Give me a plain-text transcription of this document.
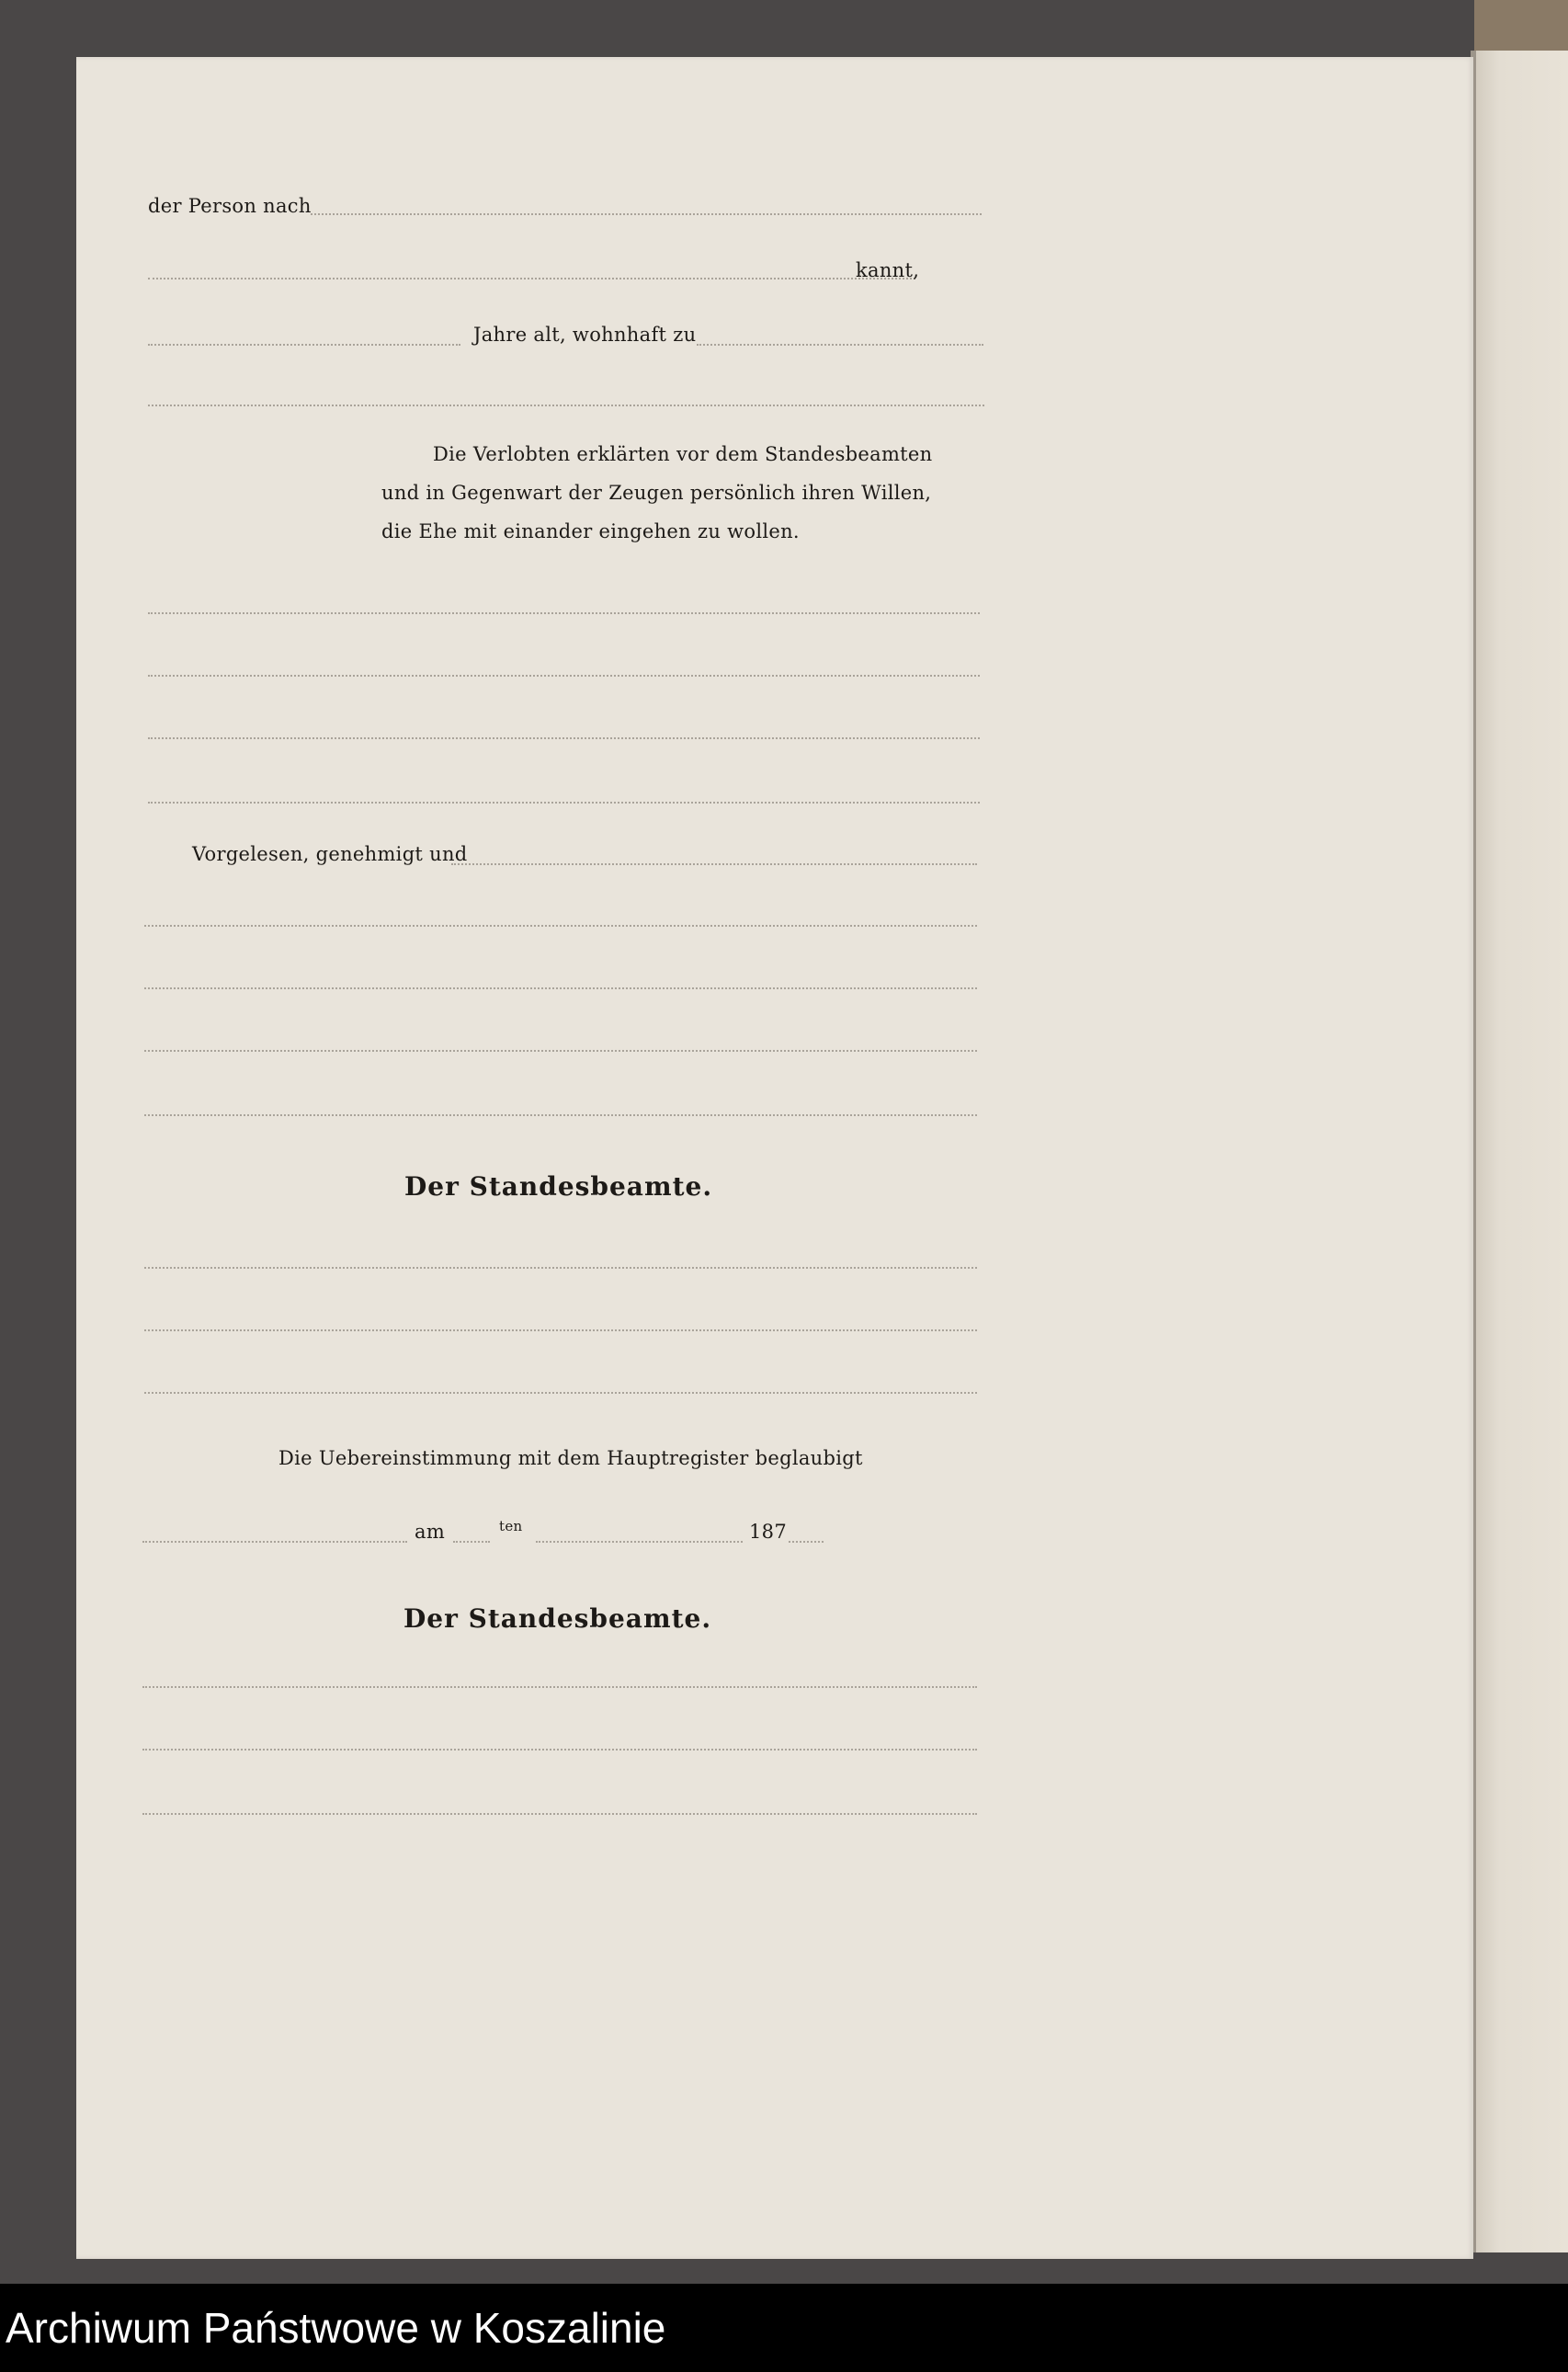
der Person nach
kannt,
Jahre alt, wohnhaft zu
Die Verlobten erklärten vor dem Standesbeamten
und in Gegenwart der Zeugen persönlich ihren Willen,
die Ehe mit einander eingehen zu wollen.
Vorgelesen, genehmigt und
Der Standesbeamte.
Die Uebereinstimmung mit dem Hauptregister beglaubigt
am	ten	187
Der Standesbeamte.
Archiwum Państwowe w Koszalinie
